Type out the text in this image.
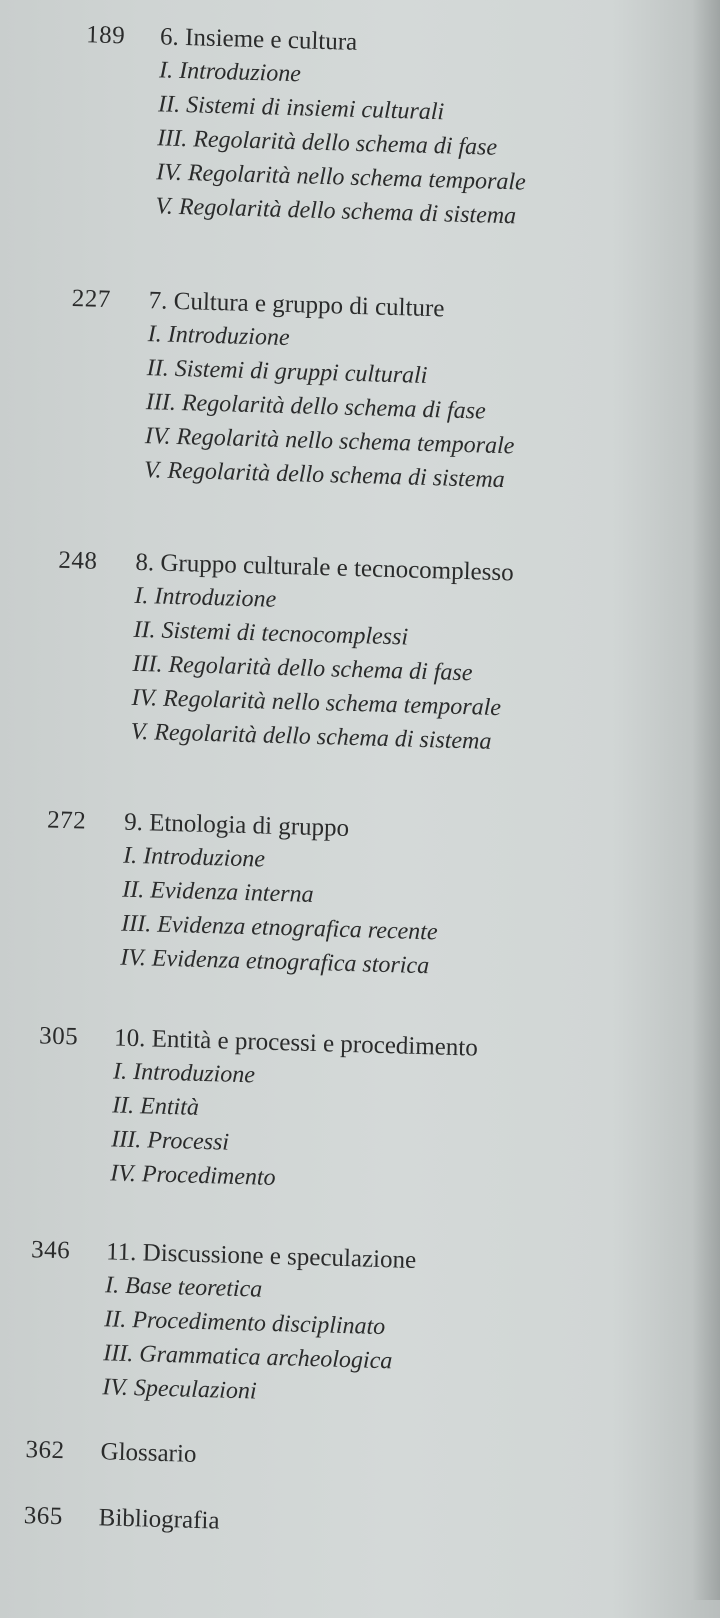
189 6. Insieme e cultura
I. Introduzione
II. Sistemi di insiemi culturali
III. Regolarità dello schema di fase
IV. Regolarità nello schema temporale
V. Regolarità dello schema di sistema
227 7. Cultura e gruppo di culture
I. Introduzione
II. Sistemi di gruppi culturali
III. Regolarità dello schema di fase
IV. Regolarità nello schema temporale
V. Regolarità dello schema di sistema
248 8. Gruppo culturale e tecnocomplesso
I. Introduzione
II. Sistemi di tecnocomplessi
III. Regolarità dello schema di fase
IV. Regolarità nello schema temporale
V. Regolarità dello schema di sistema
272 9. Etnologia di gruppo
I. Introduzione
II. Evidenza interna
III. Evidenza etnografica recente
IV. Evidenza etnografica storica
305 10. Entità e processi e procedimento
I. Introduzione
II. Entità
III. Processi
IV. Procedimento
346 11. Discussione e speculazione
I. Base teoretica
II. Procedimento disciplinato
III. Grammatica archeologica
IV. Speculazioni
362 Glossario
365 Bibliografia
